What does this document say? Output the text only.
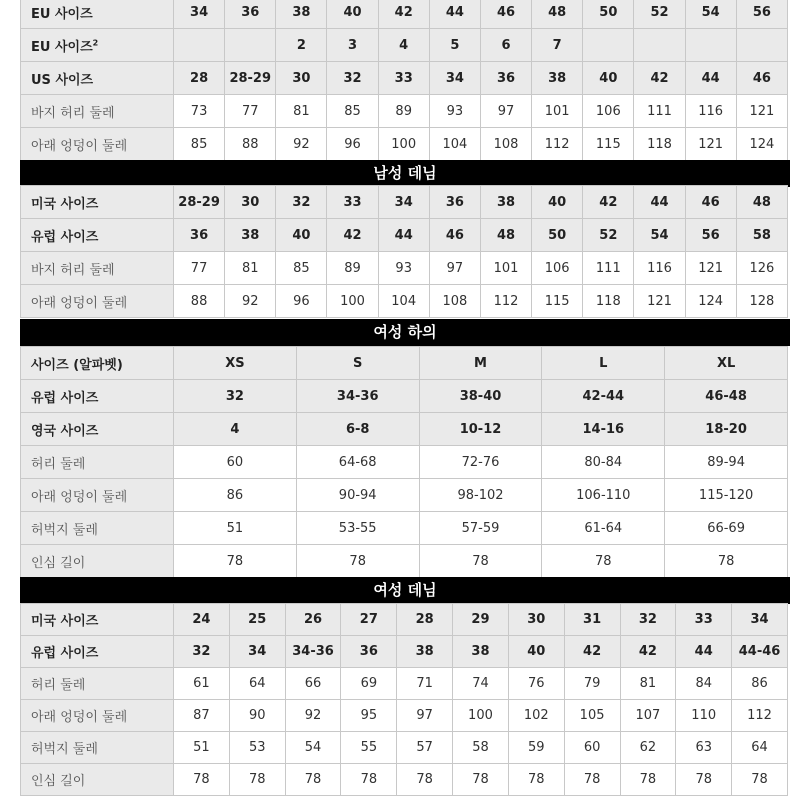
EU 사이즈	34	36	38	40	42	44	46	48	50	52	54	56
EU 사이즈$^2$			2	3	4	5	6	7				
US 사이즈	28	28-29	30	32	33	34	36	38	40	42	44	46
바지 허리 둘레	73	77	81	85	89	93	97	101	106	111	116	121
아래 엉덩이 둘레	85	88	92	96	100	104	108	112	115	118	121	124
남성 데님
미국 사이즈	28-29	30	32	33	34	36	38	40	42	44	46	48
유럽 사이즈	36	38	40	42	44	46	48	50	52	54	56	58
바지 허리 둘레	77	81	85	89	93	97	101	106	111	116	121	126
아래 엉덩이 둘레	88	92	96	100	104	108	112	115	118	121	124	128
여성 하의
사이즈 (알파벳)	XS	S	M	L	XL
유럽 사이즈	32	34-36	38-40	42-44	46-48
영국 사이즈	4	6-8	10-12	14-16	18-20
허리 둘레	60	64-68	72-76	80-84	89-94
아래 엉덩이 둘레	86	90-94	98-102	106-110	115-120
허벅지 둘레	51	53-55	57-59	61-64	66-69
인심 길이	78	78	78	78	78
여성 데님
미국 사이즈	24	25	26	27	28	29	30	31	32	33	34
유럽 사이즈	32	34	34-36	36	38	38	40	42	42	44	44-46
허리 둘레	61	64	66	69	71	74	76	79	81	84	86
아래 엉덩이 둘레	87	90	92	95	97	100	102	105	107	110	112
허벅지 둘레	51	53	54	55	57	58	59	60	62	63	64
인심 길이	78	78	78	78	78	78	78	78	78	78	78
